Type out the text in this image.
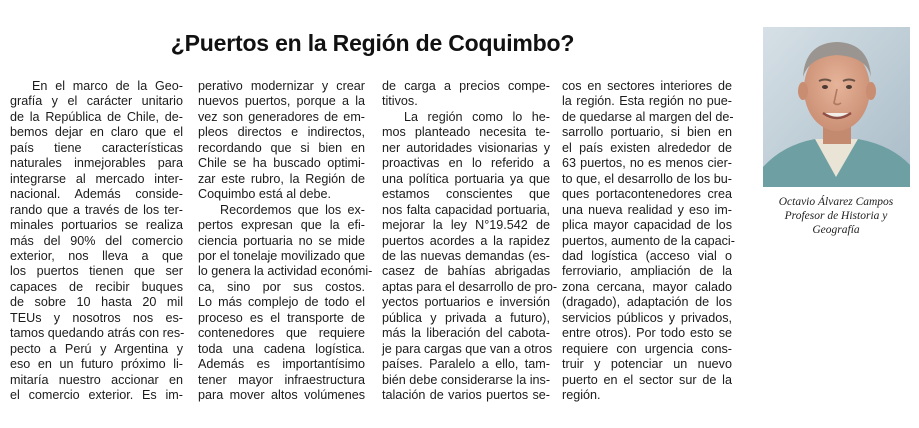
¿Puertos en la Región de Coquimbo?
En el marco de la Geo-
grafía y el carácter unitario
de la República de Chile, de-
bemos dejar en claro que el
país tiene características
naturales inmejorables para
integrarse al mercado inter-
nacional. Además conside-
rando que a través de los ter-
minales portuarios se realiza
más del 90% del comercio
exterior, nos lleva a que
los puertos tienen que ser
capaces de recibir buques
de sobre 10 hasta 20 mil
TEUs y nosotros nos es-
tamos quedando atrás con res-
pecto a Perú y Argentina y
eso en un futuro próximo li-
mitaría nuestro accionar en
el comercio exterior. Es im-
perativo modernizar y crear
nuevos puertos, porque a la
vez son generadores de em-
pleos directos e indirectos,
recordando que si bien en
Chile se ha buscado optimi-
zar este rubro, la Región de
Coquimbo está al debe.
Recordemos que los ex-
pertos expresan que la efi-
ciencia portuaria no se mide
por el tonelaje movilizado que
lo genera la actividad económi-
ca, sino por sus costos.
Lo más complejo de todo el
proceso es el transporte de
contenedores que requiere
toda una cadena logística.
Además es importantísimo
tener mayor infraestructura
para mover altos volúmenes
de carga a precios compe-
titivos.
La región como lo he-
mos planteado necesita te-
ner autoridades visionarias y
proactivas en lo referido a
una política portuaria ya que
estamos conscientes que
nos falta capacidad portuaria,
mejorar la ley N°19.542 de
puertos acordes a la rapidez
de las nuevas demandas (es-
casez de bahías abrigadas
aptas para el desarrollo de pro-
yectos portuarios e inversión
pública y privada a futuro),
más la liberación del cabota-
je para cargas que van a otros
países. Paralelo a ello, tam-
bién debe considerarse la ins-
talación de varios puertos se-
cos en sectores interiores de
la región. Esta región no pue-
de quedarse al margen del de-
sarrollo portuario, si bien en
el país existen alrededor de
63 puertos, no es menos cier-
to que, el desarrollo de los bu-
ques portacontenedores crea
una nueva realidad y eso im-
plica mayor capacidad de los
puertos, aumento de la capaci-
dad logística (acceso vial o
ferroviario, ampliación de la
zona cercana, mayor calado
(dragado), adaptación de los
servicios públicos y privados,
entre otros). Por todo esto se
requiere con urgencia cons-
truir y potenciar un nuevo
puerto en el sector sur de la
región.
Octavio Álvarez Campos
Profesor de Historia y
Geografía
